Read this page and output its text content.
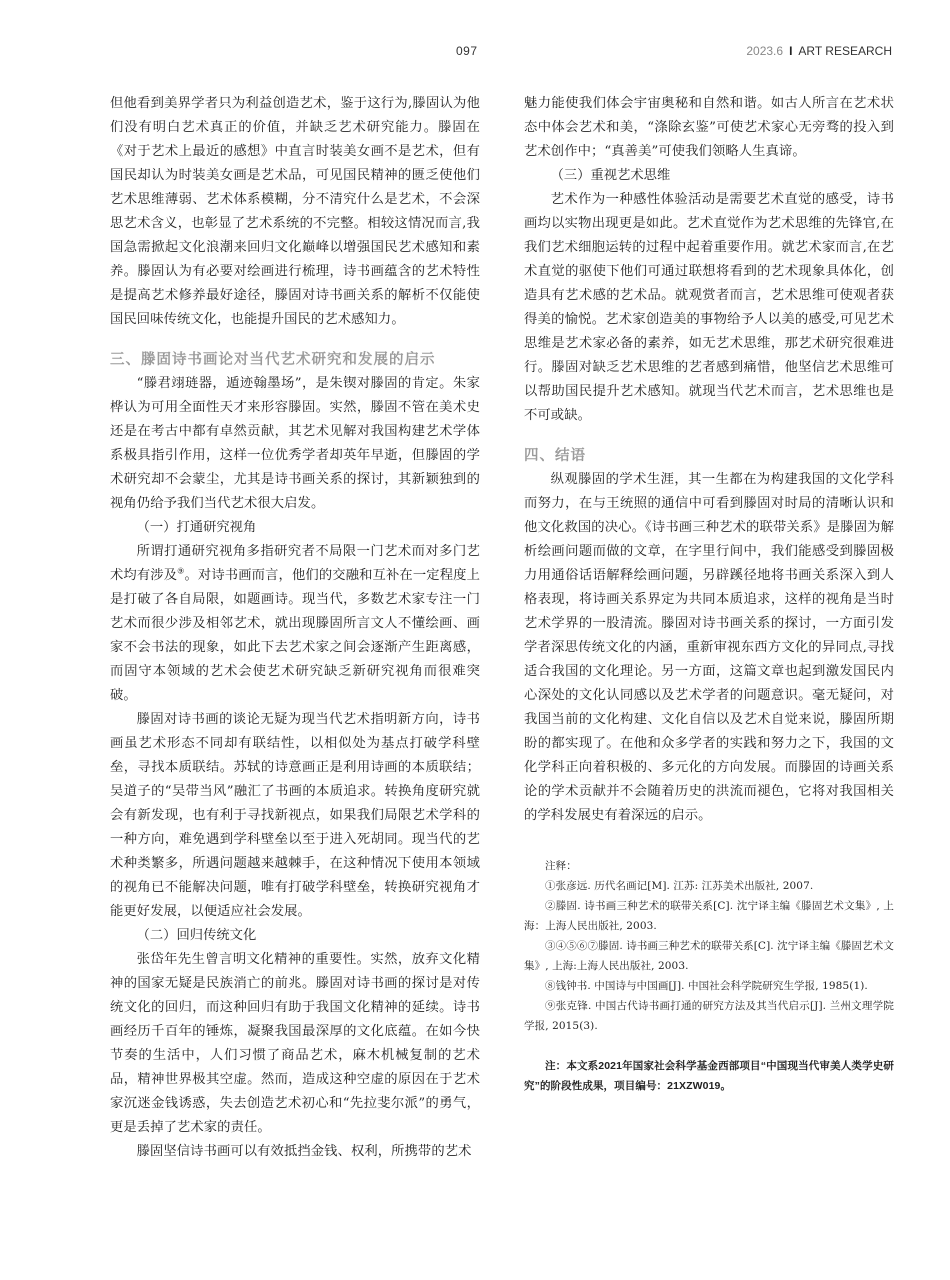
097	2023.6 I ART RESEARCH

但他看到美界学者只为利益创造艺术，鉴于这行为,滕固认为他们没有明白艺术真正的价值，并缺乏艺术研究能力。滕固在《对于艺术上最近的感想》中直言时装美女画不是艺术，但有国民却认为时装美女画是艺术品，可见国民精神的匮乏使他们艺术思维薄弱、艺术体系模糊，分不清究什么是艺术，不会深思艺术含义，也彰显了艺术系统的不完整。相较这情况而言,我国急需掀起文化浪潮来回归文化巅峰以增强国民艺术感知和素养。滕固认为有必要对绘画进行梳理，诗书画蕴含的艺术特性是提高艺术修养最好途径，滕固对诗书画关系的解析不仅能使国民回味传统文化，也能提升国民的艺术感知力。

三、滕固诗书画论对当代艺术研究和发展的启示

“滕君翊琏器，遁迹翰墨场”，是朱锲对滕固的肯定。朱家桦认为可用全面性天才来形容滕固。实然，滕固不管在美术史还是在考古中都有卓然贡献，其艺术见解对我国构建艺术学体系极具指引作用，这样一位优秀学者却英年早逝，但滕固的学术研究却不会蒙尘，尤其是诗书画关系的探讨，其新颖独到的视角仍给予我们当代艺术很大启发。

（一）打通研究视角

所谓打通研究视角多指研究者不局限一门艺术而对多门艺术均有涉及⑨。对诗书画而言，他们的交融和互补在一定程度上是打破了各自局限，如题画诗。现当代，多数艺术家专注一门艺术而很少涉及相邻艺术，就出现滕固所言文人不懂绘画、画家不会书法的现象，如此下去艺术家之间会逐渐产生距离感，而固守本领域的艺术会使艺术研究缺乏新研究视角而很难突破。

滕固对诗书画的谈论无疑为现当代艺术指明新方向，诗书画虽艺术形态不同却有联结性，以相似处为基点打破学科壁垒，寻找本质联结。苏轼的诗意画正是利用诗画的本质联结；吴道子的“吴带当风”融汇了书画的本质追求。转换角度研究就会有新发现，也有利于寻找新视点，如果我们局限艺术学科的一种方向，难免遇到学科壁垒以至于进入死胡同。现当代的艺术种类繁多，所遇问题越来越棘手，在这种情况下使用本领域的视角已不能解决问题，唯有打破学科壁垒，转换研究视角才能更好发展，以便适应社会发展。

（二）回归传统文化

张岱年先生曾言明文化精神的重要性。实然，放弃文化精神的国家无疑是民族消亡的前兆。滕固对诗书画的探讨是对传统文化的回归，而这种回归有助于我国文化精神的延续。诗书画经历千百年的锤炼，凝聚我国最深厚的文化底蕴。在如今快节奏的生活中，人们习惯了商品艺术，麻木机械复制的艺术品，精神世界极其空虚。然而，造成这种空虚的原因在于艺术家沉迷金钱诱惑，失去创造艺术初心和“先拉斐尔派”的勇气，更是丢掉了艺术家的责任。

滕固坚信诗书画可以有效抵挡金钱、权利，所携带的艺术

魅力能使我们体会宇宙奥秘和自然和谐。如古人所言在艺术状态中体会艺术和美，“涤除玄鉴”可使艺术家心无旁骛的投入到艺术创作中；“真善美”可使我们领略人生真谛。

（三）重视艺术思维

艺术作为一种感性体验活动是需要艺术直觉的感受，诗书画均以实物出现更是如此。艺术直觉作为艺术思维的先锋官,在我们艺术细胞运转的过程中起着重要作用。就艺术家而言,在艺术直觉的驱使下他们可通过联想将看到的艺术现象具体化，创造具有艺术感的艺术品。就观赏者而言，艺术思维可使观者获得美的愉悦。艺术家创造美的事物给予人以美的感受,可见艺术思维是艺术家必备的素养，如无艺术思维，那艺术研究很难进行。滕固对缺乏艺术思维的艺者感到痛惜，他坚信艺术思维可以帮助国民提升艺术感知。就现当代艺术而言，艺术思维也是不可或缺。

四、结语

纵观滕固的学术生涯，其一生都在为构建我国的文化学科而努力，在与王统照的通信中可看到滕固对时局的清晰认识和他文化救国的决心。《诗书画三种艺术的联带关系》是滕固为解析绘画问题而做的文章，在字里行间中，我们能感受到滕固极力用通俗话语解释绘画问题，另辟蹊径地将书画关系深入到人格表现，将诗画关系界定为共同本质追求，这样的视角是当时艺术学界的一股清流。滕固对诗书画关系的探讨，一方面引发学者深思传统文化的内涵，重新审视东西方文化的异同点,寻找适合我国的文化理论。另一方面，这篇文章也起到激发国民内心深处的文化认同感以及艺术学者的问题意识。毫无疑问，对我国当前的文化构建、文化自信以及艺术自觉来说，滕固所期盼的都实现了。在他和众多学者的实践和努力之下，我国的文化学科正向着积极的、多元化的方向发展。而滕固的诗画关系论的学术贡献并不会随着历史的洪流而褪色，它将对我国相关的学科发展史有着深远的启示。

注释：

①张彦远. 历代名画记[M]. 江苏: 江苏美术出版社, 2007.

②滕固. 诗书画三种艺术的联带关系[C]. 沈宁译主编《滕固艺术文集》, 上海：上海人民出版社, 2003.

③④⑤⑥⑦滕固. 诗书画三种艺术的联带关系[C]. 沈宁译主编《滕固艺术文集》, 上海:上海人民出版社, 2003.

⑧钱钟书. 中国诗与中国画[J]. 中国社会科学院研究生学报, 1985(1).

⑨张克锋. 中国古代诗书画打通的研究方法及其当代启示[J]. 兰州文理学院学报, 2015(3).

注：本文系2021年国家社会科学基金西部项目“中国现当代审美人类学史研究”的阶段性成果，项目编号：21XZW019。
